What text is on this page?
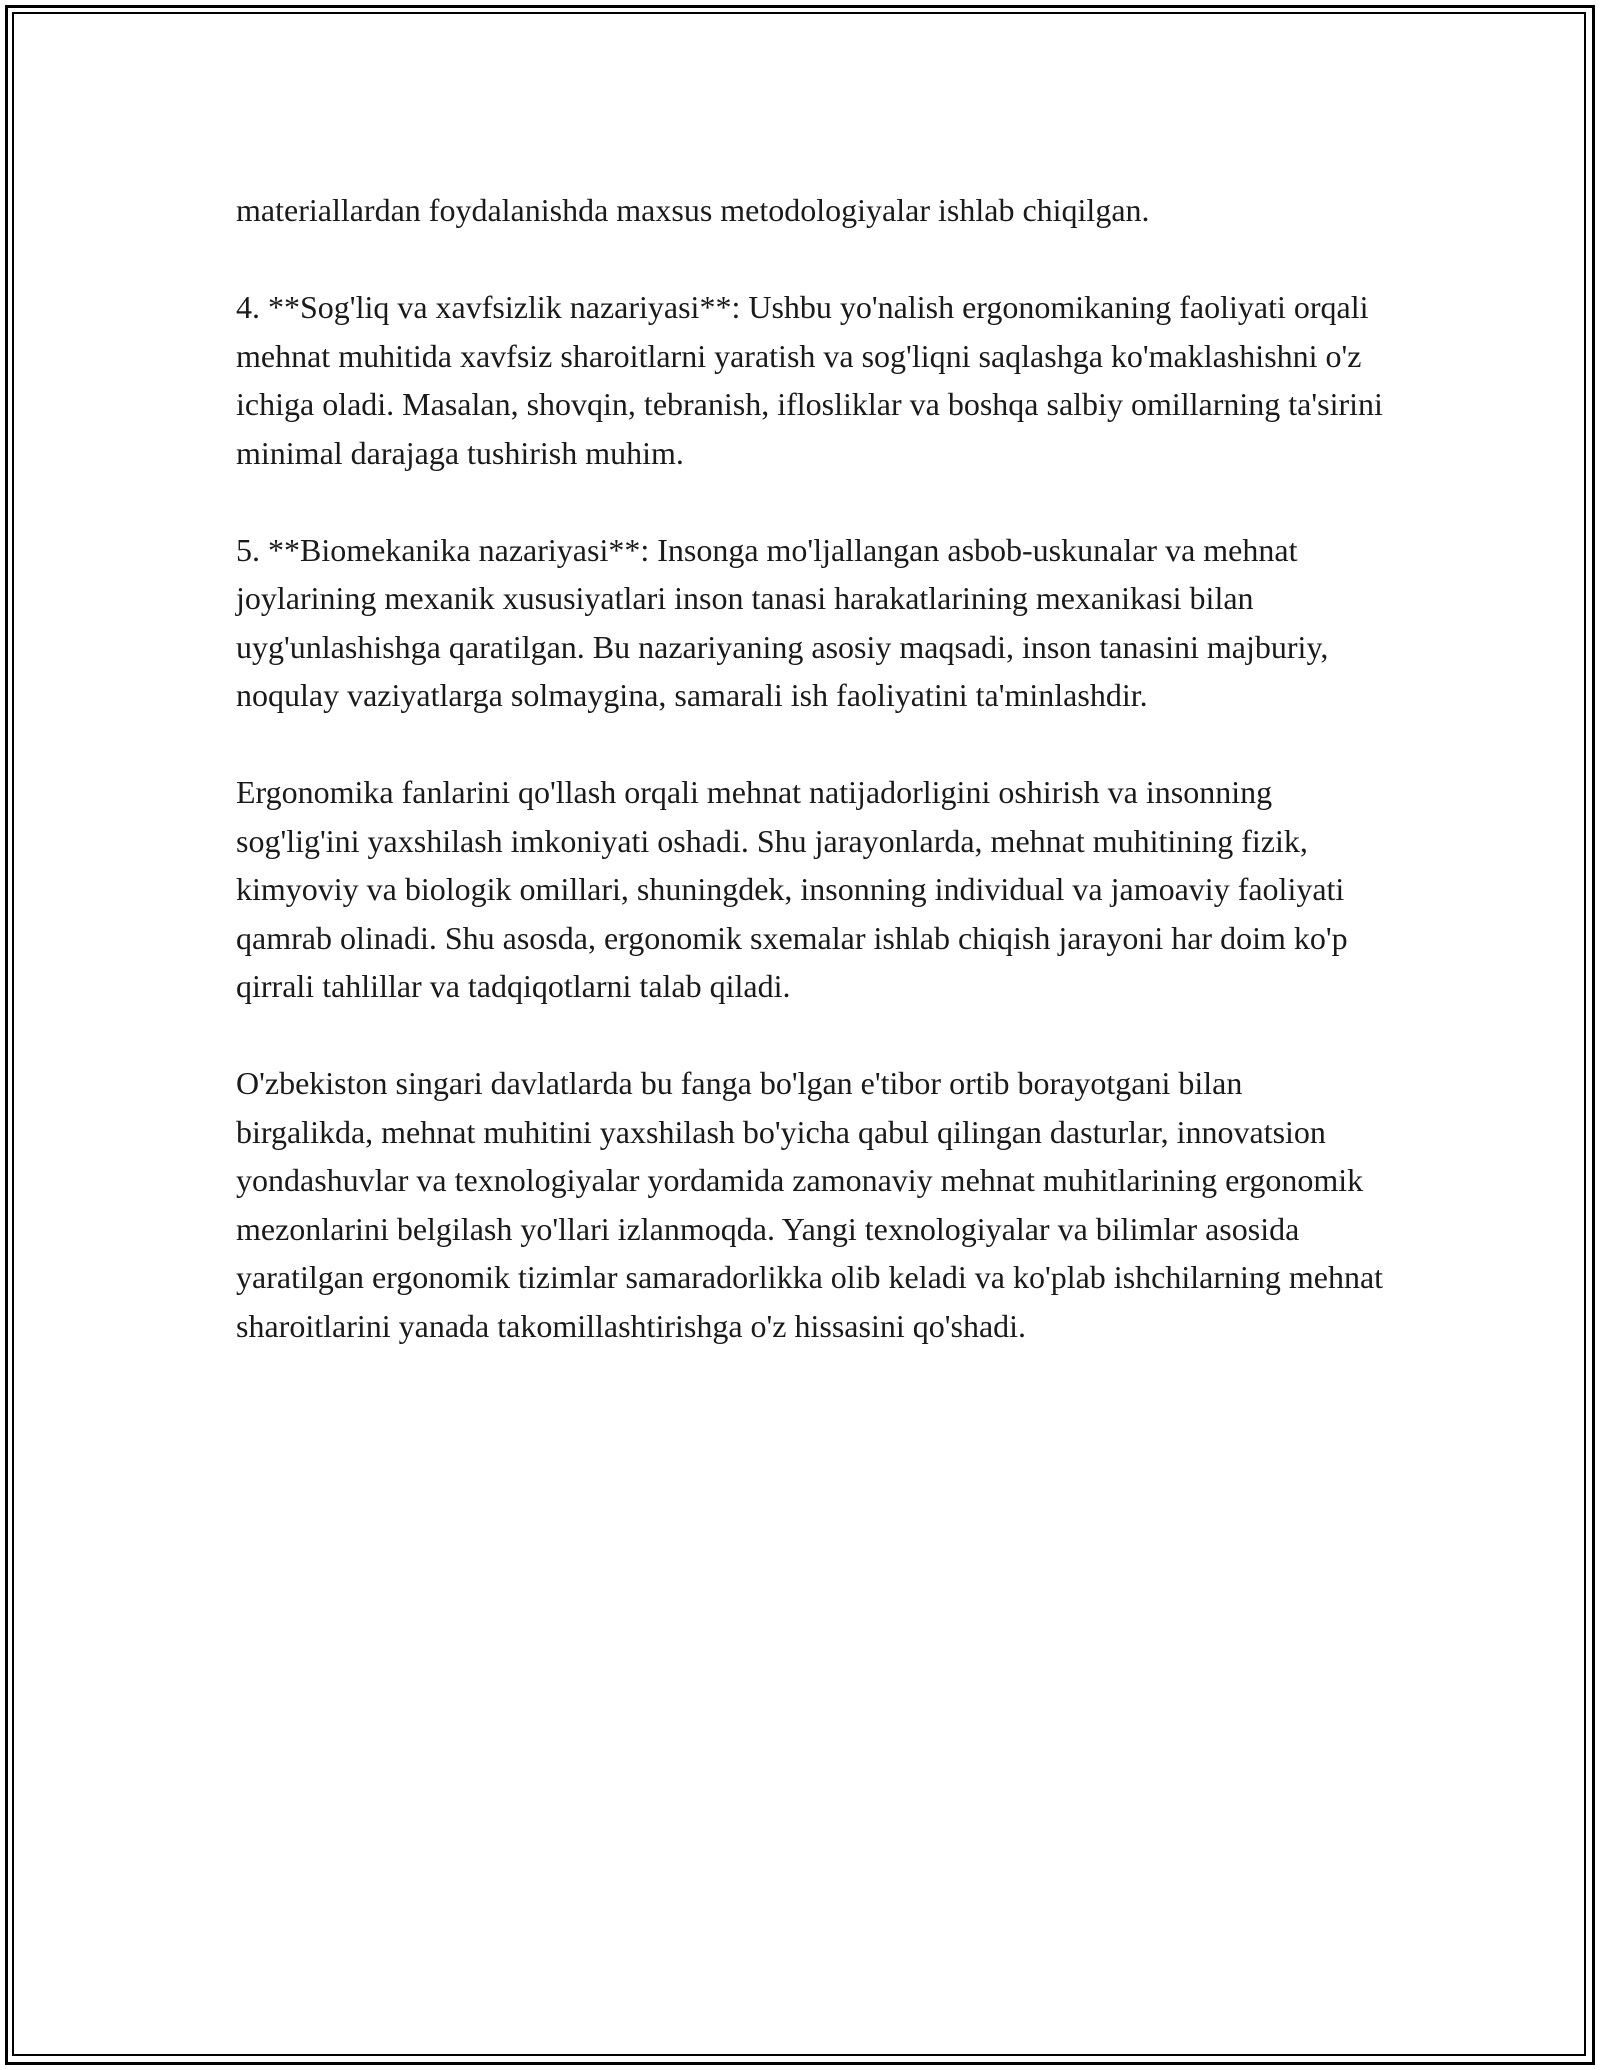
materiallardan foydalanishda maxsus metodologiyalar ishlab chiqilgan.

4. **Sog'liq va xavfsizlik nazariyasi**: Ushbu yo'nalish ergonomikaning faoliyati orqali mehnat muhitida xavfsiz sharoitlarni yaratish va sog'liqni saqlashga ko'maklashishni o'z ichiga oladi. Masalan, shovqin, tebranish, iflosliklar va boshqa salbiy omillarning ta'sirini minimal darajaga tushirish muhim.

5. **Biomekanika nazariyasi**: Insonga mo'ljallangan asbob-uskunalar va mehnat joylarining mexanik xususiyatlari inson tanasi harakatlarining mexanikasi bilan uyg'unlashishga qaratilgan. Bu nazariyaning asosiy maqsadi, inson tanasini majburiy, noqulay vaziyatlarga solmaygina, samarali ish faoliyatini ta'minlashdir.

Ergonomika fanlarini qo'llash orqali mehnat natijadorligini oshirish va insonning sog'lig'ini yaxshilash imkoniyati oshadi. Shu jarayonlarda, mehnat muhitining fizik, kimyoviy va biologik omillari, shuningdek, insonning individual va jamoaviy faoliyati qamrab olinadi. Shu asosda, ergonomik sxemalar ishlab chiqish jarayoni har doim ko'p qirrali tahlillar va tadqiqotlarni talab qiladi.

O'zbekiston singari davlatlarda bu fanga bo'lgan e'tibor ortib borayotgani bilan birgalikda, mehnat muhitini yaxshilash bo'yicha qabul qilingan dasturlar, innovatsion yondashuvlar va texnologiyalar yordamida zamonaviy mehnat muhitlarining ergonomik mezonlarini belgilash yo'llari izlanmoqda. Yangi texnologiyalar va bilimlar asosida yaratilgan ergonomik tizimlar samaradorlikka olib keladi va ko'plab ishchilarning mehnat sharoitlarini yanada takomillashtirishga o'z hissasini qo'shadi.
